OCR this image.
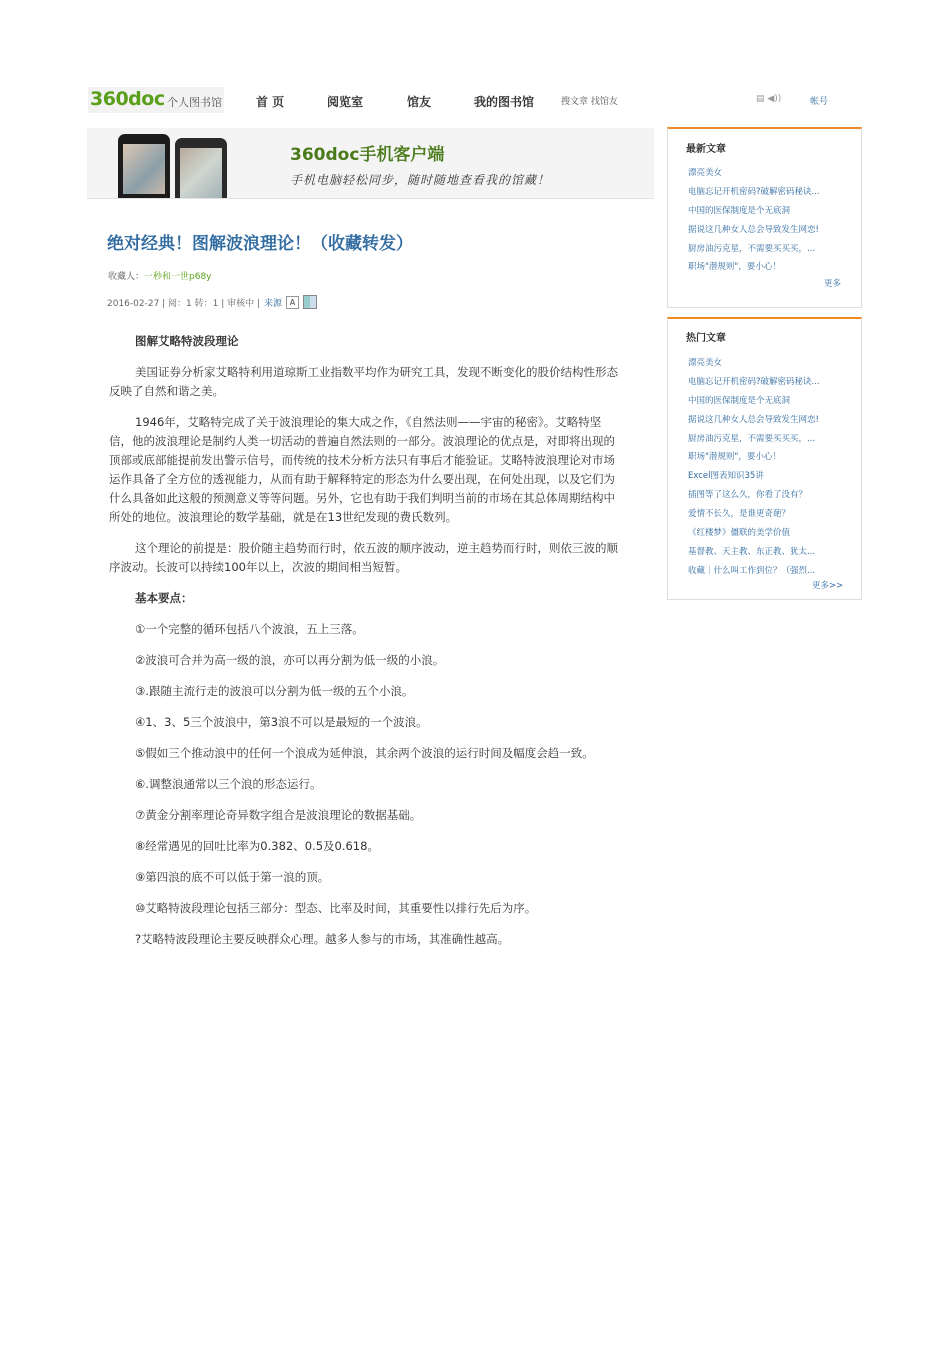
360doc 个人图书馆	首 页	阅览室	馆友	我的图书馆	搜文章 找馆友	▤ ◀))	帐号
360doc手机客户端
手机电脑轻松同步，随时随地查看我的馆藏！
绝对经典！图解波浪理论！（收藏转发）
收藏人：一秒和一世p68y
2016-02-27 | 阅：1 转：1 | 审核中 | 来源 A

图解艾略特波段理论

美国证券分析家艾略特利用道琼斯工业指数平均作为研究工具，发现不断变化的股价结构性形态反映了自然和谐之美。

1946年，艾略特完成了关于波浪理论的集大成之作，《自然法则——宇宙的秘密》。艾略特坚信，他的波浪理论是制约人类一切活动的普遍自然法则的一部分。波浪理论的优点是，对即将出现的顶部或底部能提前发出警示信号，而传统的技术分析方法只有事后才能验证。艾略特波浪理论对市场运作具备了全方位的透视能力，从而有助于解释特定的形态为什么要出现，在何处出现，以及它们为什么具备如此这般的预测意义等等问题。另外，它也有助于我们判明当前的市场在其总体周期结构中所处的地位。波浪理论的数学基础，就是在13世纪发现的费氏数列。

这个理论的前提是：股价随主趋势而行时，依五波的顺序波动，逆主趋势而行时，则依三波的顺序波动。长波可以持续100年以上，次波的期间相当短暂。

基本要点：

①一个完整的循环包括八个波浪，五上三落。

②波浪可合并为高一级的浪，亦可以再分割为低一级的小浪。

③.跟随主流行走的波浪可以分割为低一级的五个小浪。

④1、3、5三个波浪中，第3浪不可以是最短的一个波浪。

⑤假如三个推动浪中的任何一个浪成为延伸浪，其余两个波浪的运行时间及幅度会趋一致。

⑥.调整浪通常以三个浪的形态运行。

⑦黄金分割率理论奇异数字组合是波浪理论的数据基础。

⑧经常遇见的回吐比率为0.382、0.5及0.618。

⑨第四浪的底不可以低于第一浪的顶。

⑩艾略特波段理论包括三部分：型态、比率及时间，其重要性以排行先后为序。

?艾略特波段理论主要反映群众心理。越多人参与的市场，其准确性越高。

最新文章
漂亮美女
电脑忘记开机密码?破解密码秘诀...
中国的医保制度是个无底洞
据说这几种女人总会导致发生网恋!
厨房油污克星，不需要买买买，...
职场"潜规则"，要小心！
更多
热门文章
漂亮美女
电脑忘记开机密码?破解密码秘诀...
中国的医保制度是个无底洞
据说这几种女人总会导致发生网恋!
厨房油污克星，不需要买买买，...
职场"潜规则"，要小心！
Excel图表知识35讲
插图等了这么久，你看了没有？
爱情不长久，是谁更奇葩？
《红楼梦》僵联的美学价值
基督教、天主教、东正教、犹太...
收藏｜什么叫工作到位？（强烈...
更多>>
